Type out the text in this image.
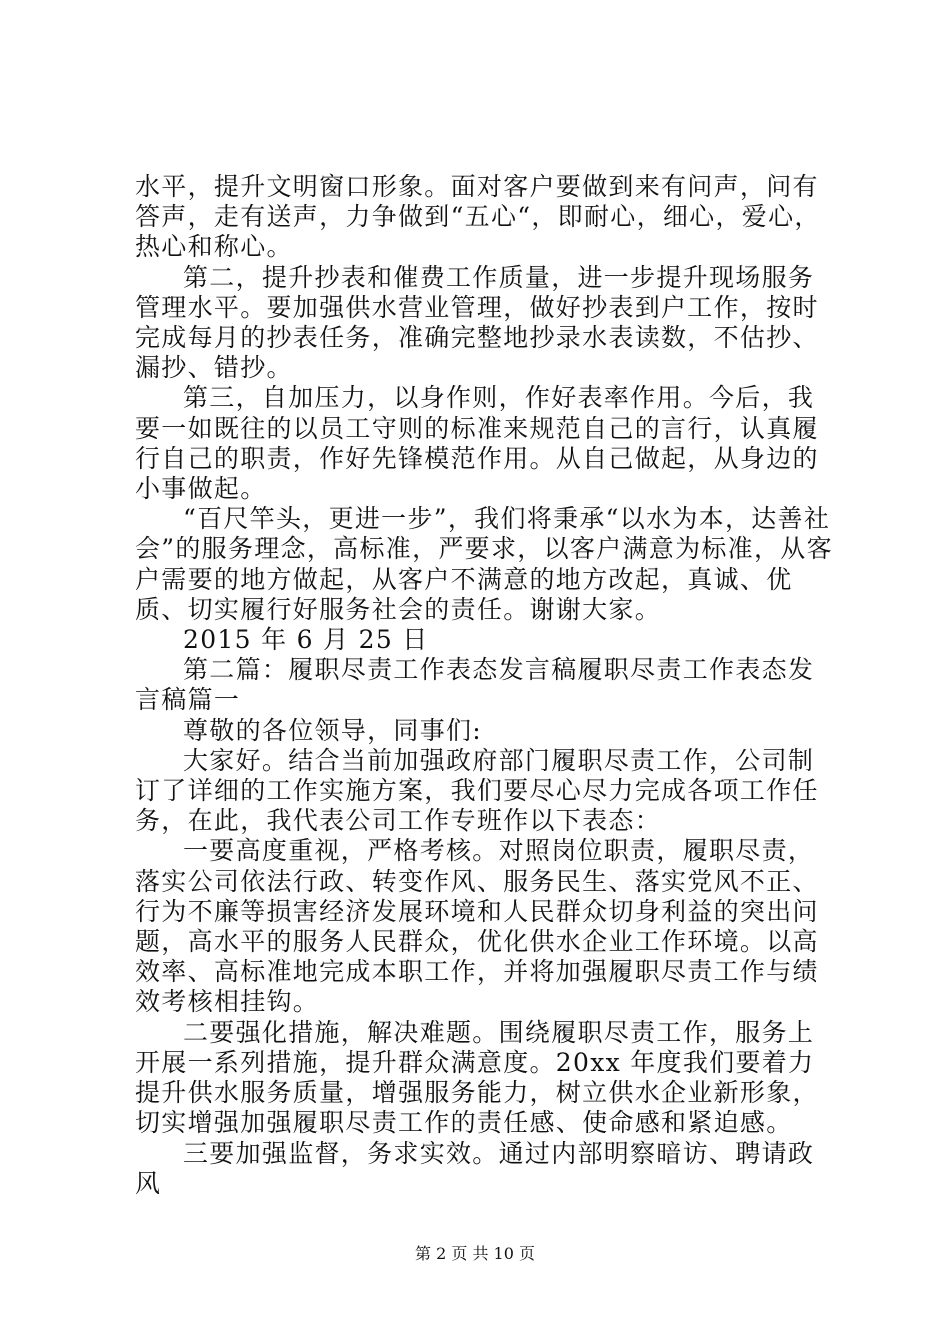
水平，提升文明窗口形象。面对客户要做到来有问声，问有答声，走有送声，力争做到“五心“，即耐心，细心，爱心，热心和称心。

第二，提升抄表和催费工作质量，进一步提升现场服务管理水平。要加强供水营业管理，做好抄表到户工作，按时完成每月的抄表任务，准确完整地抄录水表读数，不估抄、漏抄、错抄。

第三，自加压力，以身作则，作好表率作用。今后，我要一如既往的以员工守则的标准来规范自己的言行，认真履行自己的职责，作好先锋模范作用。从自己做起，从身边的小事做起。

“百尺竿头，更进一步”，我们将秉承“以水为本，达善社会”的服务理念，高标准，严要求，以客户满意为标准，从客户需要的地方做起，从客户不满意的地方改起，真诚、优质、切实履行好服务社会的责任。谢谢大家。

2015 年 6 月 25 日

第二篇：履职尽责工作表态发言稿履职尽责工作表态发言稿篇一

尊敬的各位领导，同事们:

大家好。结合当前加强政府部门履职尽责工作，公司制订了详细的工作实施方案，我们要尽心尽力完成各项工作任务，在此，我代表公司工作专班作以下表态：

一要高度重视，严格考核。对照岗位职责，履职尽责，落实公司依法行政、转变作风、服务民生、落实党风不正、行为不廉等损害经济发展环境和人民群众切身利益的突出问题，高水平的服务人民群众，优化供水企业工作环境。以高效率、高标准地完成本职工作，并将加强履职尽责工作与绩效考核相挂钩。

二要强化措施，解决难题。围绕履职尽责工作，服务上开展一系列措施，提升群众满意度。20xx 年度我们要着力提升供水服务质量，增强服务能力，树立供水企业新形象，切实增强加强履职尽责工作的责任感、使命感和紧迫感。

三要加强监督，务求实效。通过内部明察暗访、聘请政风

第 2 页 共 10 页
